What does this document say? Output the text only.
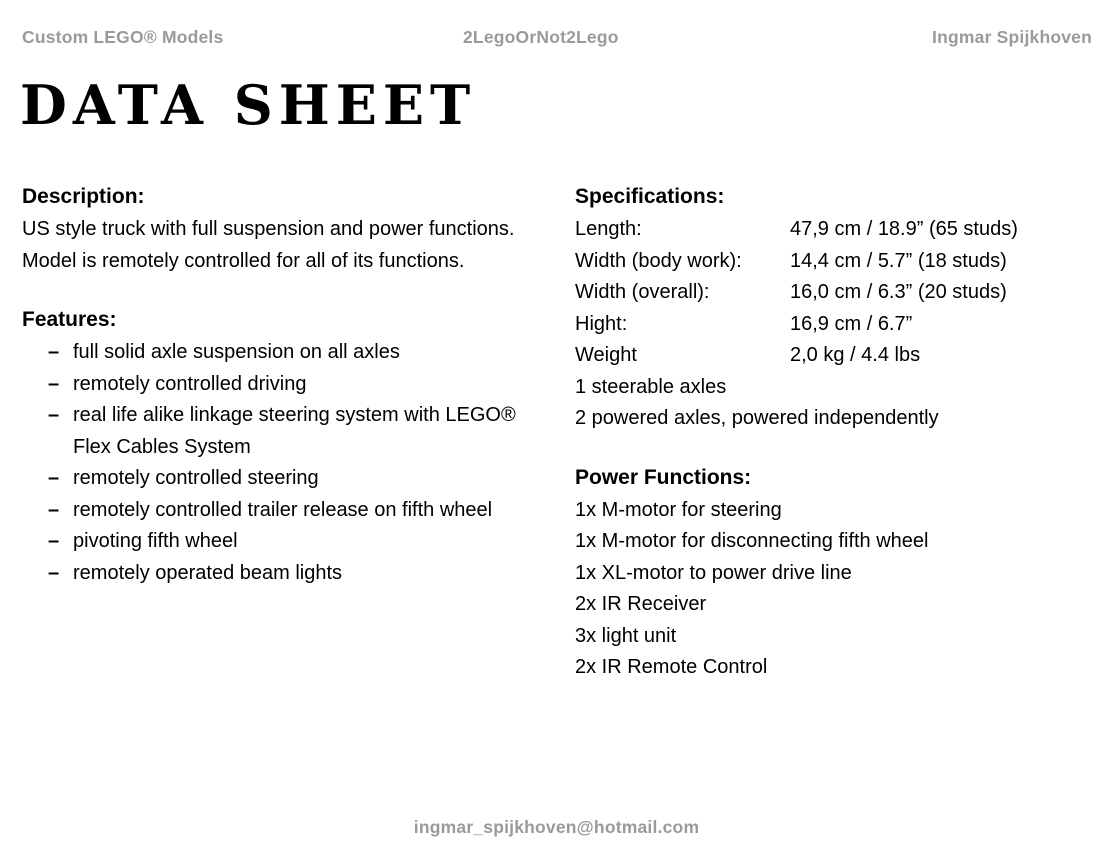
Custom LEGO® Models	2LegoOrNot2Lego	Ingmar Spijkhoven
DATA SHEET
Description:

US style truck with full suspension and power functions. Model is remotely controlled for all of its functions.

Features:
– full solid axle suspension on all axles
– remotely controlled driving
– real life alike linkage steering system with LEGO® Flex Cables System
– remotely controlled steering
– remotely controlled trailer release on fifth wheel
– pivoting fifth wheel
– remotely operated beam lights
Specifications:
Length:	47,9 cm / 18.9” (65 studs)
Width (body work):	14,4 cm / 5.7” (18 studs)
Width (overall):	16,0 cm / 6.3” (20 studs)
Hight:	16,9 cm / 6.7”
Weight	2,0 kg / 4.4 lbs
1 steerable axles
2 powered axles, powered independently
Power Functions:
1x M-motor for steering
1x M-motor for disconnecting fifth wheel
1x XL-motor to power drive line
2x IR Receiver
3x light unit
2x IR Remote Control
ingmar_spijkhoven@hotmail.com
